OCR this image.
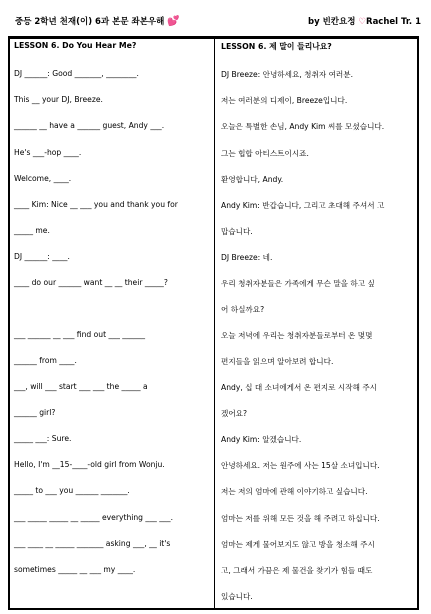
중등 2학년 천재(이) 6과 본문 좌본우해 💕	by 빈칸요정 ♡Rachel Tr. 1
LESSON 6. Do You Hear Me?
DJ ______: Good _______, ________.
This __ your DJ, Breeze.
______ __ have a ______ guest, Andy ___.
He's ___-hop ____.
Welcome, ____.
____ Kim: Nice __ ___ you and thank you for
_____ me.
DJ ______: ____.
____ do our ______ want __ __ their _____?
___ ______ __ ___ find out ___ ______
______ from ____.
___, will ___ start ___ ___ the _____ a
______ girl?
_____ ___: Sure.
Hello, I'm __15-____-old girl from Wonju.
_____ to ___ you ______ _______.
___ _____ _____ __ _____ everything ___ ___.
___ ____ __ _____ _______ asking ___, __ it's
sometimes _____ __ ___ my ____.
LESSON 6. 제 말이 들리나요?
DJ Breeze: 안녕하세요, 청취자 여러분.
저는 여러분의 디제이, Breeze입니다.
오늘은 특별한 손님, Andy Kim 씨를 모셨습니다.
그는 힙합 아티스트이시죠.
환영합니다, Andy.
Andy Kim: 반갑습니다, 그리고 초대해 주셔서 고
맙습니다.
DJ Breeze: 네.
우리 청취자분들은 가족에게 무슨 말을 하고 싶
어 하실까요?
오늘 저녁에 우리는 청취자분들로부터 온 몇몇
편지들을 읽으며 알아보려 합니다.
Andy, 십 대 소녀에게서 온 편지로 시작해 주시
겠어요?
Andy Kim: 알겠습니다.
안녕하세요. 저는 원주에 사는 15살 소녀입니다.
저는 저의 엄마에 관해 이야기하고 싶습니다.
엄마는 저를 위해 모든 것을 해 주려고 하십니다.
엄마는 제게 물어보지도 않고 방을 청소해 주시
고, 그래서 가끔은 제 물건을 찾기가 힘들 때도
있습니다.
